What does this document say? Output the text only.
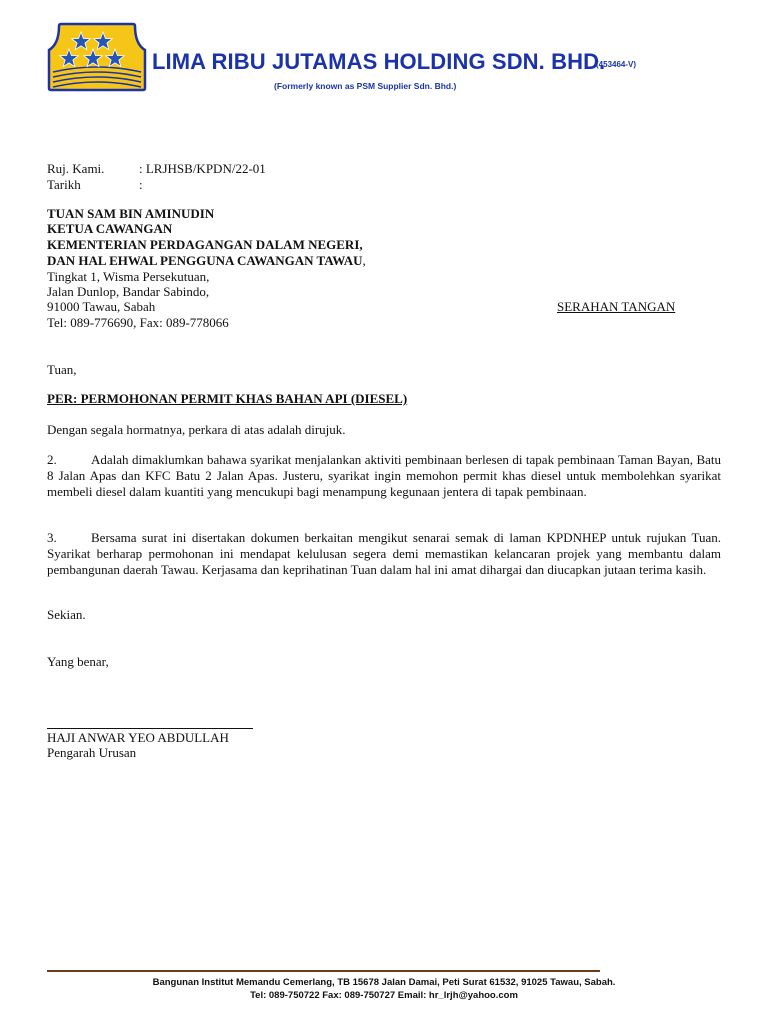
LIMA RIBU JUTAMAS HOLDING SDN. BHD.
(453464-V)
(Formerly known as PSM Supplier Sdn. Bhd.)
Ruj. Kami.	: LRJHSB/KPDN/22-01
Tarikh	:
TUAN SAM BIN AMINUDIN
KETUA CAWANGAN
KEMENTERIAN PERDAGANGAN DALAM NEGERI,
DAN HAL EHWAL PENGGUNA CAWANGAN TAWAU,
Tingkat 1, Wisma Persekutuan,
Jalan Dunlop, Bandar Sabindo,
91000 Tawau, Sabah
Tel: 089-776690, Fax: 089-778066
SERAHAN TANGAN
Tuan,
PER: PERMOHONAN PERMIT KHAS BAHAN API (DIESEL)
Dengan segala hormatnya, perkara di atas adalah dirujuk.
2.	Adalah dimaklumkan bahawa syarikat menjalankan aktiviti pembinaan berlesen di tapak pembinaan Taman Bayan, Batu 8 Jalan Apas dan KFC Batu 2 Jalan Apas. Justeru, syarikat ingin memohon permit khas diesel untuk membolehkan syarikat membeli diesel dalam kuantiti yang mencukupi bagi menampung kegunaan jentera di tapak pembinaan.
3.	Bersama surat ini disertakan dokumen berkaitan mengikut senarai semak di laman KPDNHEP untuk rujukan Tuan. Syarikat berharap permohonan ini mendapat kelulusan segera demi memastikan kelancaran projek yang membantu dalam pembangunan daerah Tawau. Kerjasama dan keprihatinan Tuan dalam hal ini amat dihargai dan diucapkan jutaan terima kasih.
Sekian.
Yang benar,
HAJI ANWAR YEO ABDULLAH
Pengarah Urusan
Bangunan Institut Memandu Cemerlang, TB 15678 Jalan Damai, Peti Surat 61532, 91025 Tawau, Sabah.
Tel: 089-750722 Fax: 089-750727 Email: hr_lrjh@yahoo.com
